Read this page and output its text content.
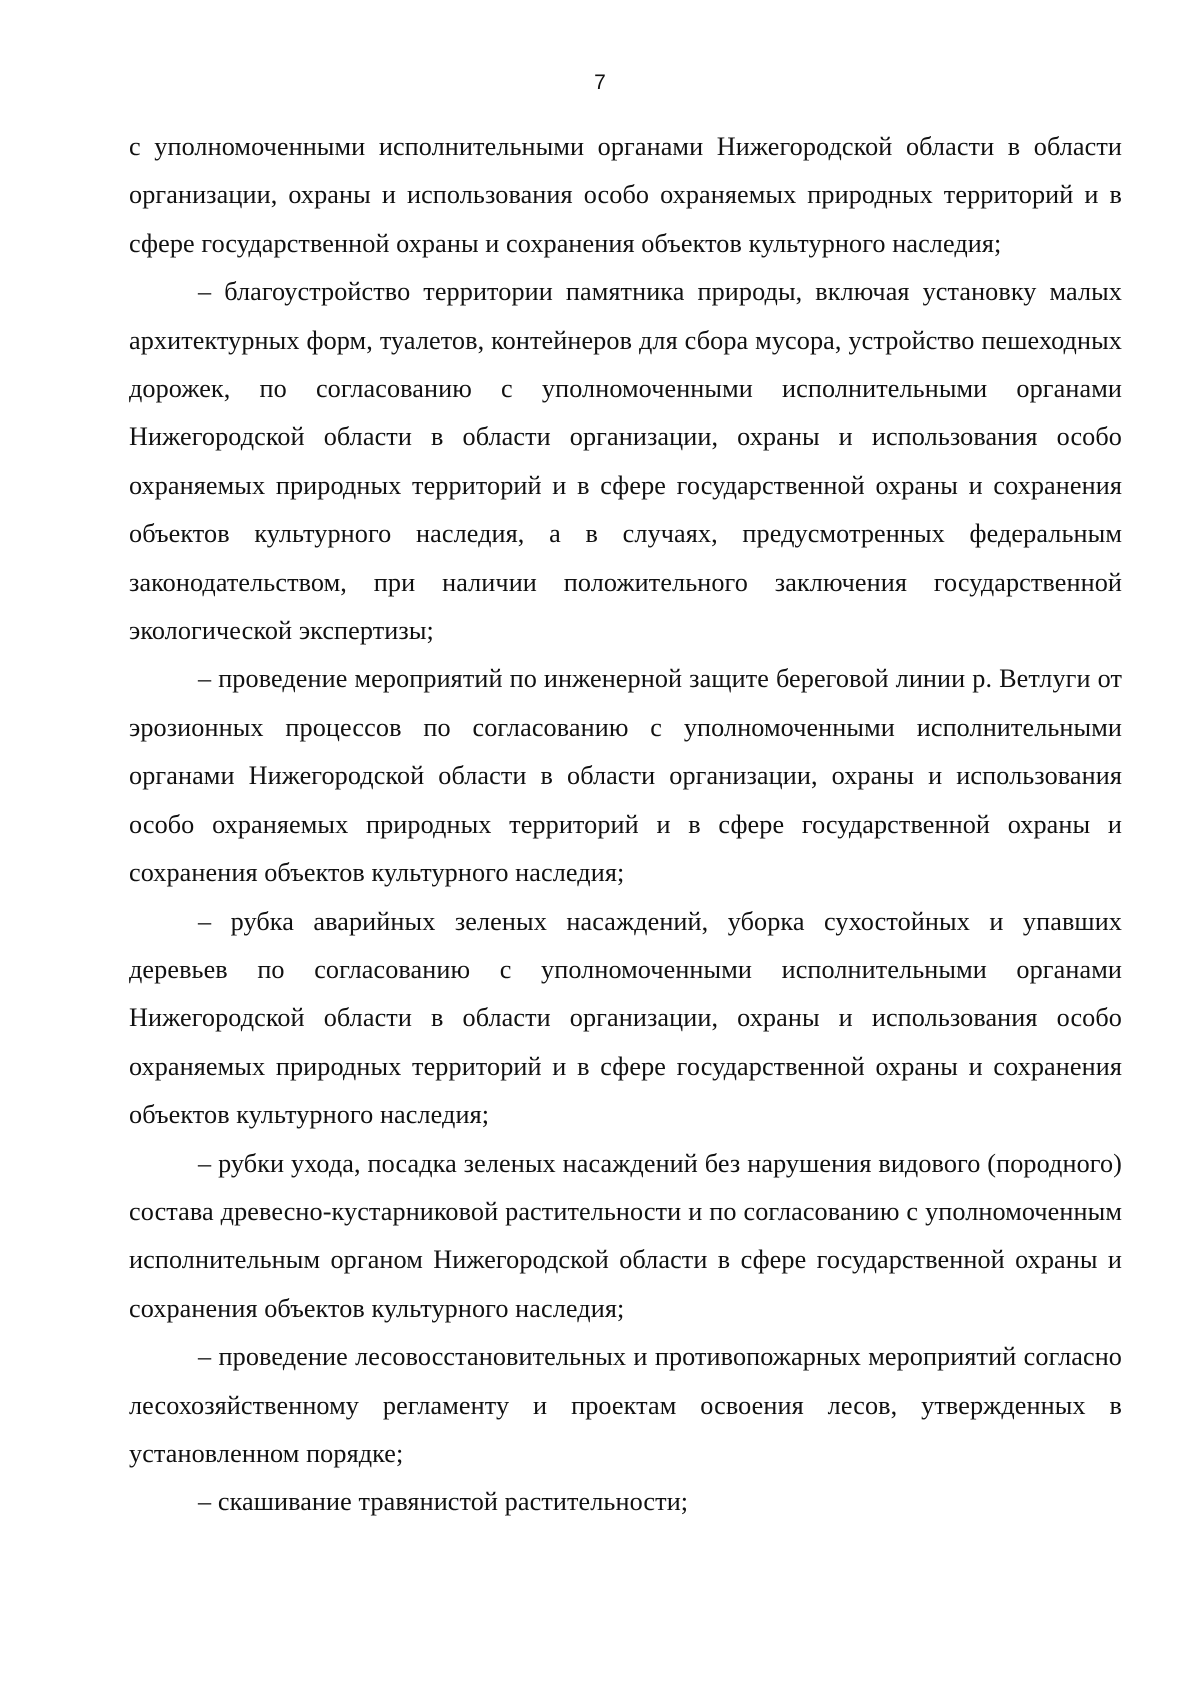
7

с уполномоченными исполнительными органами Нижегородской области в области организации, охраны и использования особо охраняемых природных территорий и в сфере государственной охраны и сохранения объектов культурного наследия;

– благоустройство территории памятника природы, включая установку малых архитектурных форм, туалетов, контейнеров для сбора мусора, устройство пешеходных дорожек, по согласованию с уполномоченными исполнительными органами Нижегородской области в области организации, охраны и использования особо охраняемых природных территорий и в сфере государственной охраны и сохранения объектов культурного наследия, а в случаях, предусмотренных федеральным законодательством, при наличии положительного заключения государственной экологической экспертизы;

– проведение мероприятий по инженерной защите береговой линии р. Ветлуги от эрозионных процессов по согласованию с уполномоченными исполнительными органами Нижегородской области в области организации, охраны и использования особо охраняемых природных территорий и в сфере государственной охраны и сохранения объектов культурного наследия;

– рубка аварийных зеленых насаждений, уборка сухостойных и упавших деревьев по согласованию с уполномоченными исполнительными органами Нижегородской области в области организации, охраны и использования особо охраняемых природных территорий и в сфере государственной охраны и сохранения объектов культурного наследия;

– рубки ухода, посадка зеленых насаждений без нарушения видового (породного) состава древесно-кустарниковой растительности и по согласованию с уполномоченным исполнительным органом Нижегородской области в сфере государственной охраны и сохранения объектов культурного наследия;

– проведение лесовосстановительных и противопожарных мероприятий согласно лесохозяйственному регламенту и проектам освоения лесов, утвержденных в установленном порядке;

– скашивание травянистой растительности;
